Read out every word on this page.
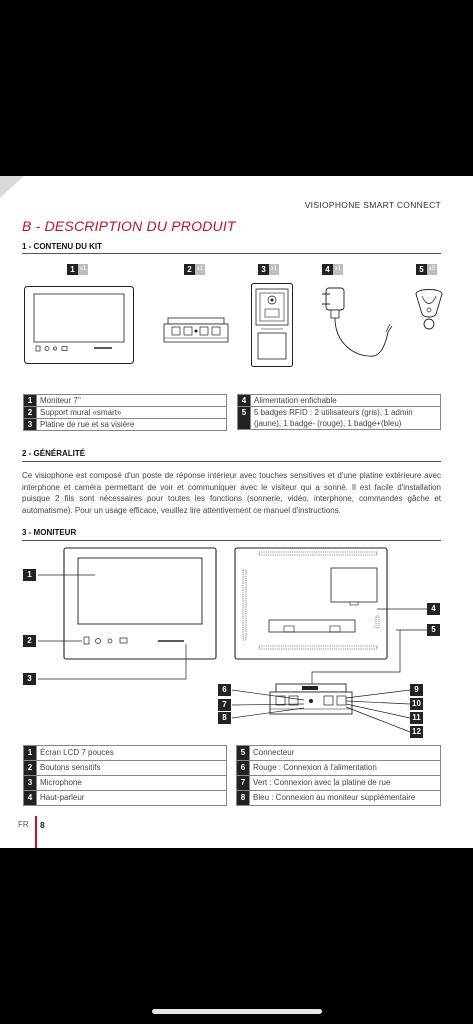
VISIOPHONE SMART CONNECT
B - DESCRIPTION DU PRODUIT
1 - CONTENU DU KIT
1 x1	2 x1	3 x1	4 x1	5 x5
1	Moniteur 7''
2	Support mural «smart»
3	Platine de rue et sa visière
4	Alimentation enfichable
5	5 badges RFID : 2 utilisateurs (gris), 1 admin (jaune), 1 badge- (rouge), 1 badge+(bleu)
2 - GÉNÉRALITÉ
Ce visiophone est composé d'un poste de réponse intérieur avec touches sensitives et d'une platine extérieure avec interphone et caméra permettant de voir et communiquer avec le visiteur qui a sonné. Il est facile d'installation puisque 2 fils sont nécessaires pour toutes les fonctions (sonnerie, vidéo, interphone, commandes gâche et automatisme). Pour un usage efficace, veuillez lire attentivement ce manuel d'instructions.
3 - MONITEUR
1
2
3
4
5
6
7
8
9
10
11
12
1	Écran LCD 7 pouces
2	Boutons sensitifs
3	Microphone
4	Haut-parleur
5	Connecteur
6	Rouge : Connexion à l'alimentation
7	Vert : Connexion avec la platine de rue
8	Bleu : Connexion au moniteur supplémentaire
FR 8
